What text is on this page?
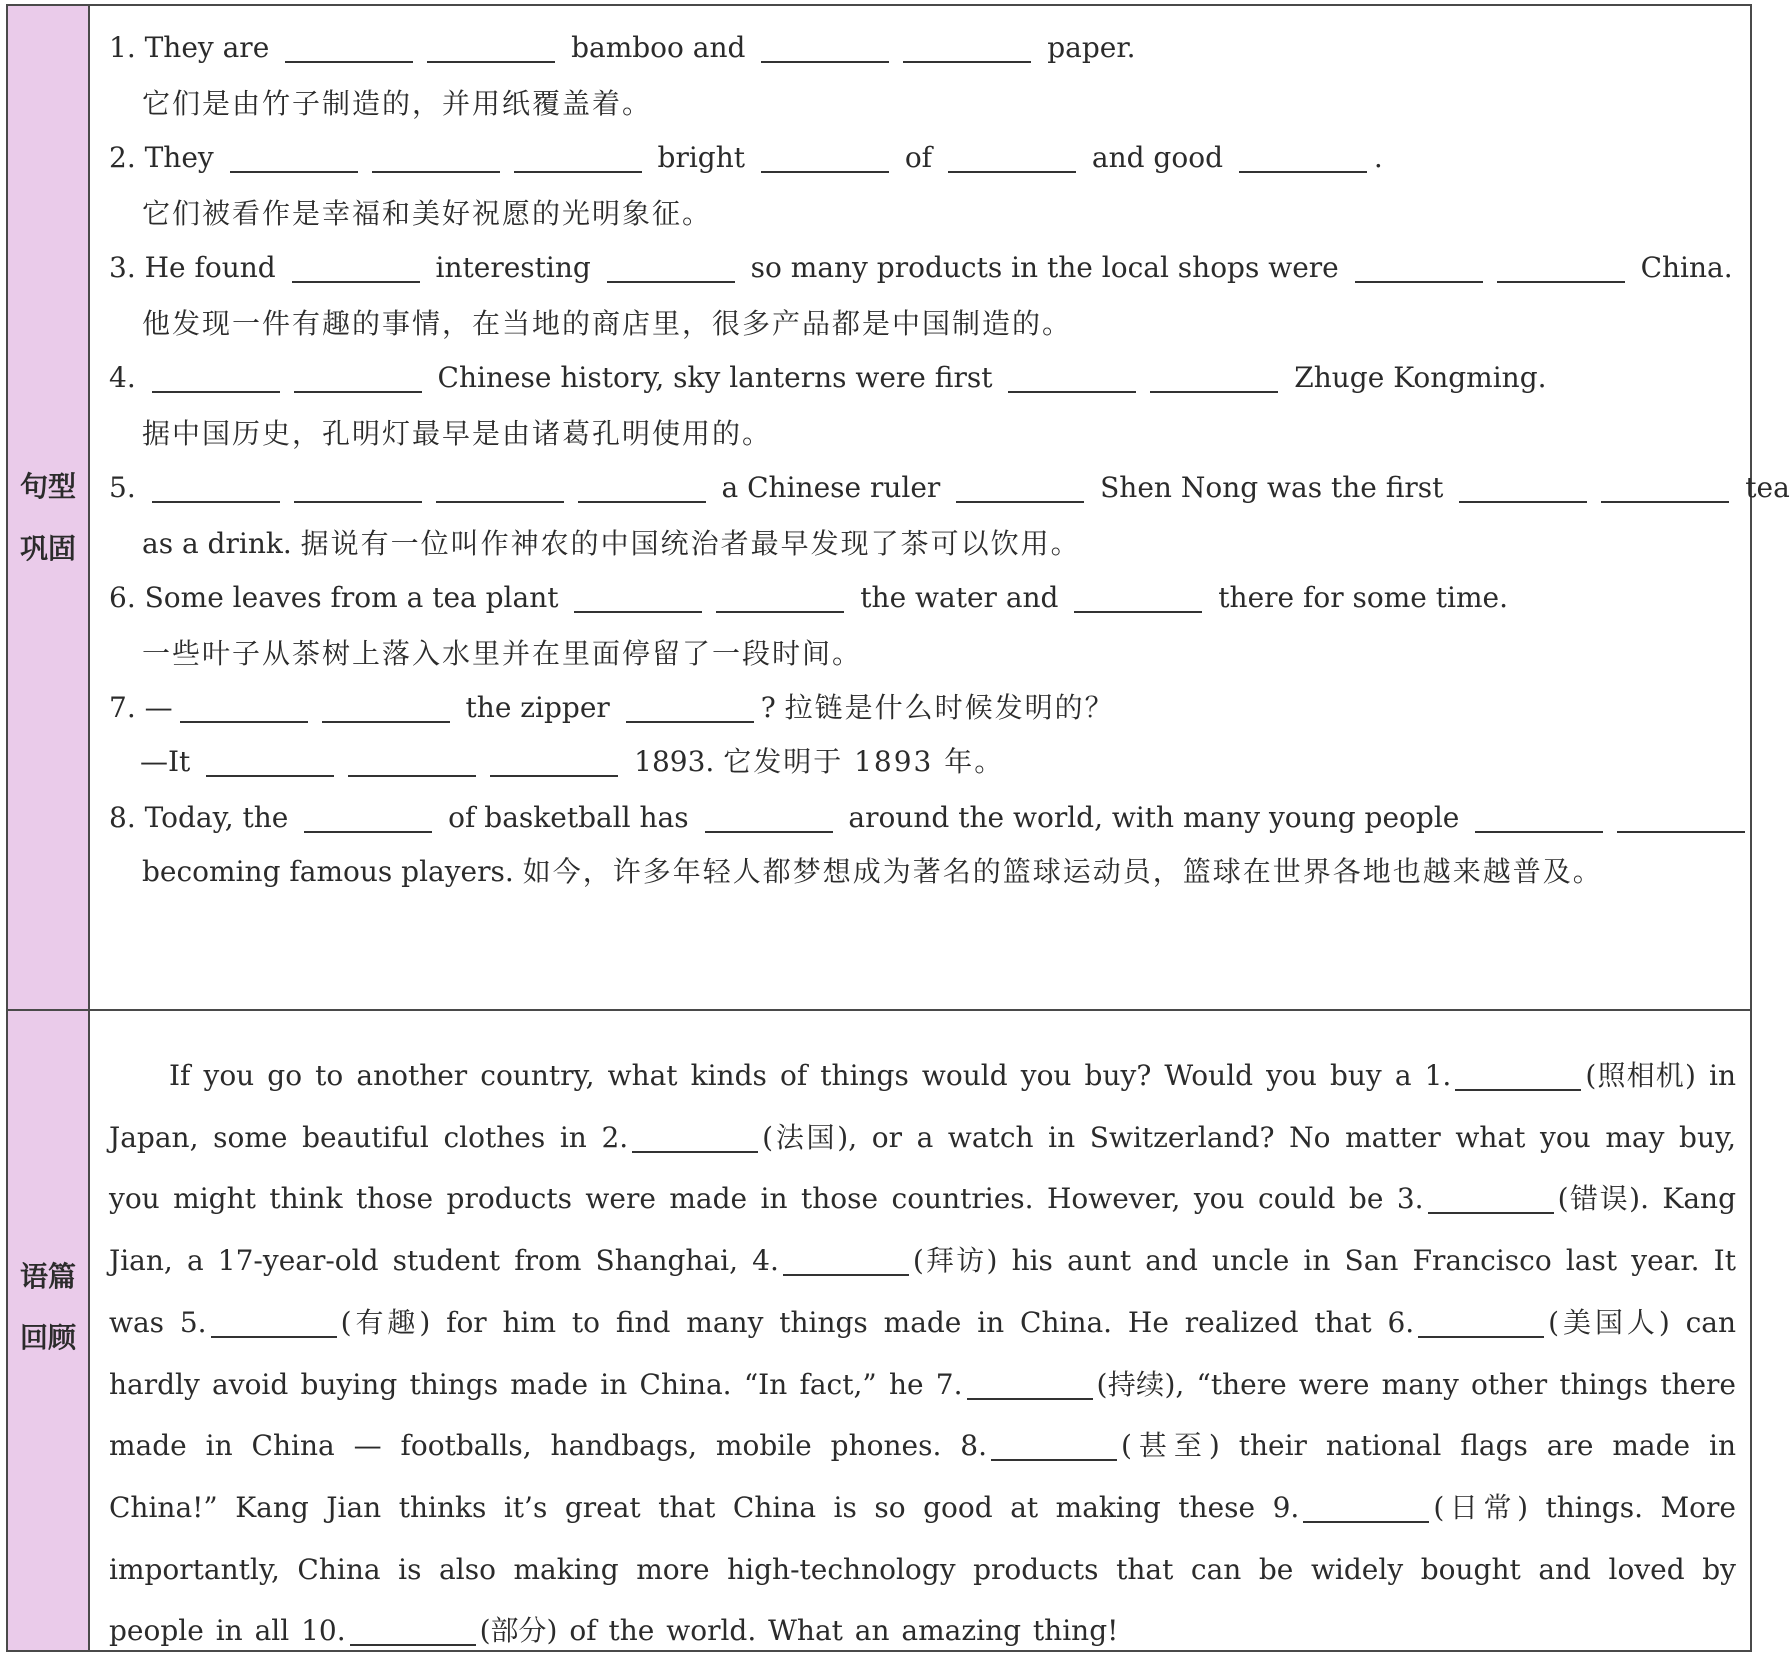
句型
巩固
1. They are	bamboo and	paper.
它们是由竹子制造的，并用纸覆盖着。
2. They	bright	of	and good	.
它们被看作是幸福和美好祝愿的光明象征。
3. He found	interesting	so many products in the local shops were	China.
他发现一件有趣的事情，在当地的商店里，很多产品都是中国制造的。
4.	Chinese history, sky lanterns were first	Zhuge Kongming.
据中国历史，孔明灯最早是由诸葛孔明使用的。
5.	a Chinese ruler	Shen Nong was the first	tea
as a drink. 据说有一位叫作神农的中国统治者最早发现了茶可以饮用。
6. Some leaves from a tea plant	the water and	there for some time.
一些叶子从茶树上落入水里并在里面停留了一段时间。
7. —	the zipper	? 拉链是什么时候发明的？
—It	1893. 它发明于 1893 年。
8. Today, the	of basketball has	around the world, with many young people
becoming famous players. 如今，许多年轻人都梦想成为著名的篮球运动员，篮球在世界各地也越来越普及。
语篇
回顾
If you go to another country, what kinds of things would you buy? Would you buy a 1.	(照相机) in Japan, some beautiful clothes in 2.	(法国), or a watch in Switzerland? No matter what you may buy, you might think those products were made in those countries. However, you could be 3.	(错误). Kang Jian, a 17-year-old student from Shanghai, 4.	(拜访) his aunt and uncle in San Francisco last year. It was 5.	(有趣) for him to find many things made in China. He realized that 6.	(美国人) can hardly avoid buying things made in China. “In fact,” he 7.	(持续), “there were many other things there made in China — footballs, handbags, mobile phones. 8.	(甚至) their national flags are made in China!” Kang Jian thinks it’s great that China is so good at making these 9.	(日常) things. More importantly, China is also making more high-technology products that can be widely bought and loved by people in all 10.	(部分) of the world. What an amazing thing!
